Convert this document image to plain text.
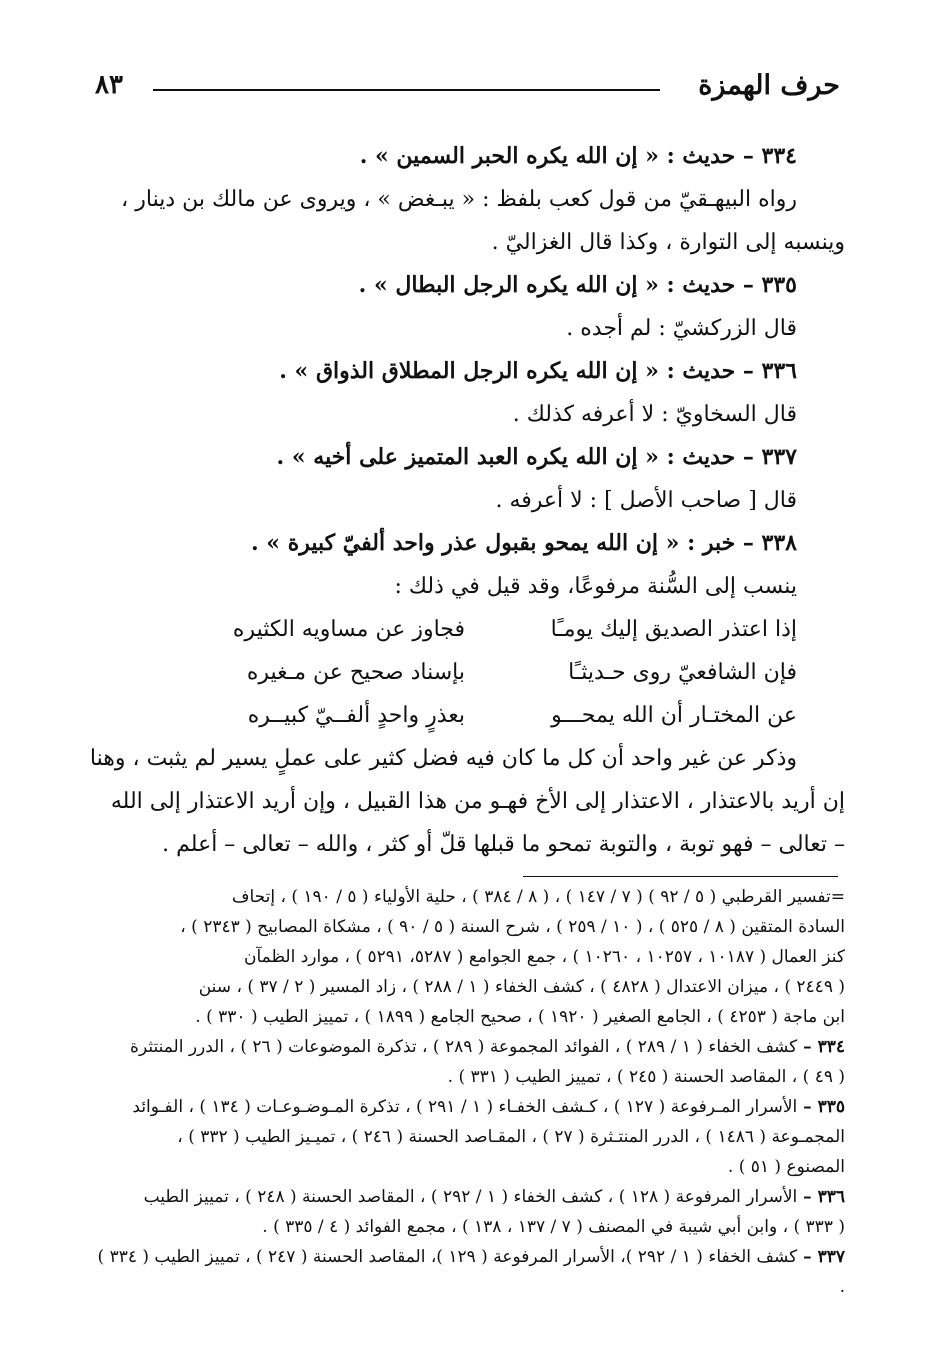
حرف الهمزة
٨٣
٣٣٤ – حديث : « إن الله يكره الحبر السمين » .
رواه البيهـقيّ من قول كعب بلفظ : « يبـغض » ، ويروى عن مالك بن دينار ،
وينسبه إلى التوارة ، وكذا قال الغزاليّ .
٣٣٥ – حديث : « إن الله يكره الرجل البطال » .
قال الزركشيّ : لم أجده .
٣٣٦ – حديث : « إن الله يكره الرجل المطلاق الذواق » .
قال السخاويّ : لا أعرفه كذلك .
٣٣٧ – حديث : « إن الله يكره العبد المتميز على أخيه » .
قال [ صاحب الأصل ] : لا أعرفه .
٣٣٨ – خبر : « إن الله يمحو بقبول عذر واحد ألفيّ كبيرة » .
ينسب إلى السُّنة مرفوعًا، وقد قيل في ذلك :
إذا اعتذر الصديق إليك يومـًا
فجاوز عن مساويه الكثيره
فإن الشافعيّ روى حـديثـًا
بإسناد صحيح عن مـغيره
عن المختـار أن الله يمحـــو
بعذرٍ واحدٍ ألفــيّ كبيــره
وذكر عن غير واحد أن كل ما كان فيه فضل كثير على عملٍ يسير لم يثبت ، وهنا
إن أريد بالاعتذار ، الاعتذار إلى الأخ فهـو من هذا القبيل ، وإن أريد الاعتذار إلى الله
– تعالى – فهو توبة ، والتوبة تمحو ما قبلها قلّ أو كثر ، والله – تعالى – أعلم .
=تفسير القرطبي ( ٥ / ٩٢ ) ( ٧ / ١٤٧ ) ، ( ٨ / ٣٨٤ ) ، حلية الأولياء ( ٥ / ١٩٠ ) ، إتحاف
السادة المتقين ( ٨ / ٥٢٥ ) ، ( ١٠ / ٢٥٩ ) ، شرح السنة ( ٥ / ٩٠ ) ، مشكاة المصابيح ( ٢٣٤٣ ) ،
كنز العمال ( ١٠١٨٧ ، ١٠٢٥٧ ، ١٠٢٦٠ ) ، جمع الجوامع ( ٥٢٨٧، ٥٢٩١ ) ، موارد الظمآن
( ٢٤٤٩ ) ، ميزان الاعتدال ( ٤٨٢٨ ) ، كشف الخفاء ( ١ / ٢٨٨ ) ، زاد المسير ( ٢ / ٣٧ ) ، سنن
ابن ماجة ( ٤٢٥٣ ) ، الجامع الصغير ( ١٩٢٠ ) ، صحيح الجامع ( ١٨٩٩ ) ، تمييز الطيب ( ٣٣٠ ) .
٣٣٤ – كشف الخفاء ( ١ / ٢٨٩ ) ، الفوائد المجموعة ( ٢٨٩ ) ، تذكرة الموضوعات ( ٢٦ ) ، الدرر المنتثرة
( ٤٩ ) ، المقاصد الحسنة ( ٢٤٥ ) ، تمييز الطيب ( ٣٣١ ) .
٣٣٥ – الأسرار المـرفوعة ( ١٢٧ ) ، كـشف الخفـاء ( ١ / ٢٩١ ) ، تذكرة المـوضـوعـات ( ١٣٤ ) ، الفـوائد
المجمـوعة ( ١٤٨٦ ) ، الدرر المنتـثرة ( ٢٧ ) ، المقـاصد الحسنة ( ٢٤٦ ) ، تميـيز الطيب ( ٣٣٢ ) ،
المصنوع ( ٥١ ) .
٣٣٦ – الأسرار المرفوعة ( ١٢٨ ) ، كشف الخفاء ( ١ / ٢٩٢ ) ، المقاصد الحسنة ( ٢٤٨ ) ، تمييز الطيب
( ٣٣٣ ) ، وابن أبي شيبة في المصنف ( ٧ / ١٣٧ ، ١٣٨ ) ، مجمع الفوائد ( ٤ / ٣٣٥ ) .
٣٣٧ – كشف الخفاء ( ١ / ٢٩٢ )، الأسرار المرفوعة ( ١٢٩ )، المقاصد الحسنة ( ٢٤٧ ) ، تمييز الطيب ( ٣٣٤ ) .
